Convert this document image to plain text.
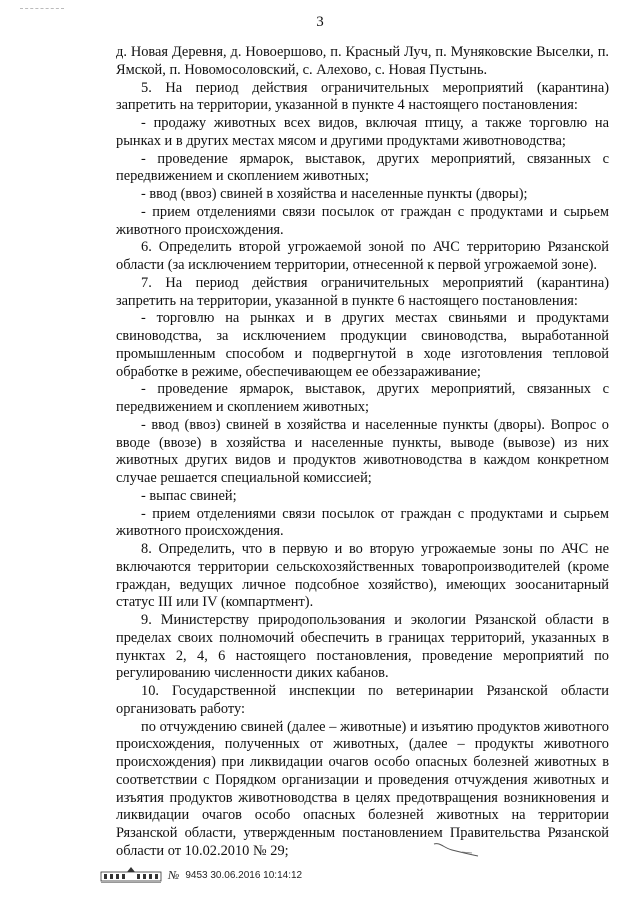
3

д. Новая Деревня, д. Новоершово, п. Красный Луч, п. Муняковские Выселки, п. Ямской, п. Новомосоловский, с. Алехово, с. Новая Пустынь.

5. На период действия ограничительных мероприятий (карантина) запретить на территории, указанной в пункте 4 настоящего постановления:

- продажу животных всех видов, включая птицу, а также торговлю на рынках и в других местах мясом и другими продуктами животноводства;

- проведение ярмарок, выставок, других мероприятий, связанных с передвижением и скоплением животных;

- ввод (ввоз) свиней в хозяйства и населенные пункты (дворы);

- прием отделениями связи посылок от граждан с продуктами и сырьем животного происхождения.

6. Определить второй угрожаемой зоной по АЧС территорию Рязанской области (за исключением территории, отнесенной к первой угрожаемой зоне).

7. На период действия ограничительных мероприятий (карантина) запретить на территории, указанной в пункте 6 настоящего постановления:

- торговлю на рынках и в других местах свиньями и продуктами свиноводства, за исключением продукции свиноводства, выработанной промышленным способом и подвергнутой в ходе изготовления тепловой обработке в режиме, обеспечивающем ее обеззараживание;

- проведение ярмарок, выставок, других мероприятий, связанных с передвижением и скоплением животных;

- ввод (ввоз) свиней в хозяйства и населенные пункты (дворы). Вопрос о вводе (ввозе) в хозяйства и населенные пункты, выводе (вывозе) из них животных других видов и продуктов животноводства в каждом конкретном случае решается специальной комиссией;

- выпас свиней;

- прием отделениями связи посылок от граждан с продуктами и сырьем животного происхождения.

8. Определить, что в первую и во вторую угрожаемые зоны по АЧС не включаются территории сельскохозяйственных товаропроизводителей (кроме граждан, ведущих личное подсобное хозяйство), имеющих зоосанитарный статус III или IV (компартмент).

9. Министерству природопользования и экологии Рязанской области в пределах своих полномочий обеспечить в границах территорий, указанных в пунктах 2, 4, 6 настоящего постановления, проведение мероприятий по регулированию численности диких кабанов.

10. Государственной инспекции по ветеринарии Рязанской области организовать работу:

по отчуждению свиней (далее – животные) и изъятию продуктов животного происхождения, полученных от животных, (далее – продукты животного происхождения) при ликвидации очагов особо опасных болезней животных в соответствии с Порядком организации и проведения отчуждения животных и изъятия продуктов животноводства в целях предотвращения возникновения и ликвидации очагов особо опасных болезней животных на территории Рязанской области, утвержденным постановлением Правительства Рязанской области от 10.02.2010 № 29;

№ 9453 30.06.2016 10:14:12
